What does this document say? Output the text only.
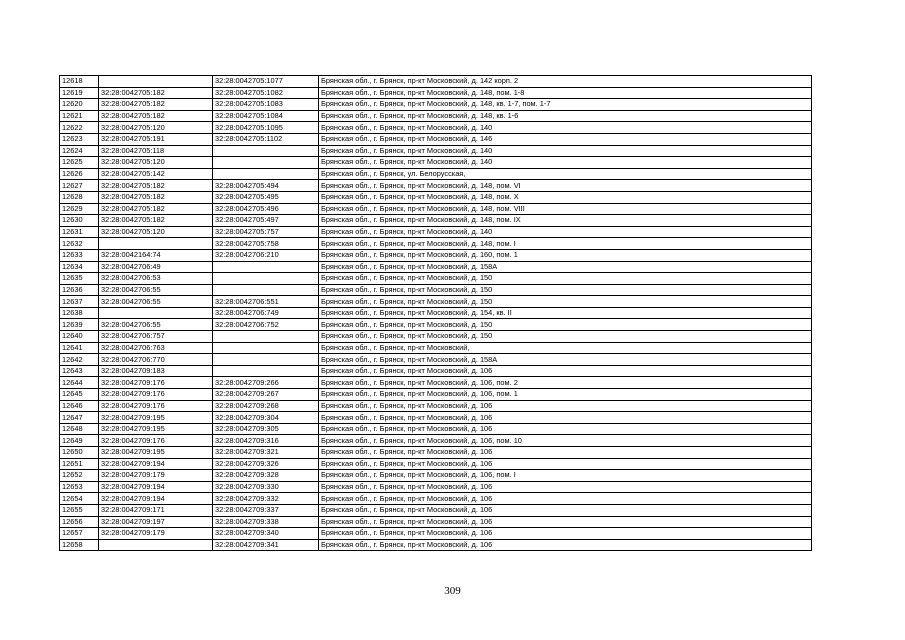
12618		32:28:0042705:1077	Брянская обл., г. Брянск, пр-кт Московский, д. 142 корп. 2
12619	32:28:0042705:182	32:28:0042705:1082	Брянская обл., г. Брянск, пр-кт Московский, д. 148, пом. 1-8
12620	32:28:0042705:182	32:28:0042705:1083	Брянская обл., г. Брянск, пр-кт Московский, д. 148, кв. 1-7, пом. 1-7
12621	32:28:0042705:182	32:28:0042705:1084	Брянская обл., г. Брянск, пр-кт Московский, д. 148, кв. 1-6
12622	32:28:0042705:120	32:28:0042705:1095	Брянская обл., г. Брянск, пр-кт Московский, д. 140
12623	32:28:0042705:191	32:28:0042705:1102	Брянская обл., г. Брянск, пр-кт Московский, д. 146
12624	32:28:0042705:118		Брянская обл., г. Брянск, пр-кт Московский, д. 140
12625	32:28:0042705:120		Брянская обл., г. Брянск, пр-кт Московский, д. 140
12626	32:28:0042705:142		Брянская обл., г. Брянск, ул. Белорусская,
12627	32:28:0042705:182	32:28:0042705:494	Брянская обл., г. Брянск, пр-кт Московский, д. 148, пом. VI
12628	32:28:0042705:182	32:28:0042705:495	Брянская обл., г. Брянск, пр-кт Московский, д. 148, пом. X
12629	32:28:0042705:182	32:28:0042705:496	Брянская обл., г. Брянск, пр-кт Московский, д. 148, пом. VIII
12630	32:28:0042705:182	32:28:0042705:497	Брянская обл., г. Брянск, пр-кт Московский, д. 148, пом. IX
12631	32:28:0042705:120	32:28:0042705:757	Брянская обл., г. Брянск, пр-кт Московский, д. 140
12632		32:28:0042705:758	Брянская обл., г. Брянск, пр-кт Московский, д. 148, пом. I
12633	32:28:0042164:74	32:28:0042706:210	Брянская обл., г. Брянск, пр-кт Московский, д. 160, пом. 1
12634	32:28:0042706:49		Брянская обл., г. Брянск, пр-кт Московский, д. 158А
12635	32:28:0042706:53		Брянская обл., г. Брянск, пр-кт Московский, д. 150
12636	32:28:0042706:55		Брянская обл., г. Брянск, пр-кт Московский, д. 150
12637	32:28:0042706:55	32:28:0042706:551	Брянская обл., г. Брянск, пр-кт Московский, д. 150
12638		32:28:0042706:749	Брянская обл., г. Брянск, пр-кт Московский, д. 154, кв. II
12639	32:28:0042706:55	32:28:0042706:752	Брянская обл., г. Брянск, пр-кт Московский, д. 150
12640	32:28:0042706:757		Брянская обл., г. Брянск, пр-кт Московский, д. 150
12641	32:28:0042706:763		Брянская обл., г. Брянск, пр-кт Московский,
12642	32:28:0042706:770		Брянская обл., г. Брянск, пр-кт Московский, д. 158А
12643	32:28:0042709:183		Брянская обл., г. Брянск, пр-кт Московский, д. 106
12644	32:28:0042709:176	32:28:0042709:266	Брянская обл., г. Брянск, пр-кт Московский, д. 106, пом. 2
12645	32:28:0042709:176	32:28:0042709:267	Брянская обл., г. Брянск, пр-кт Московский, д. 106, пом. 1
12646	32:28:0042709:176	32:28:0042709:268	Брянская обл., г. Брянск, пр-кт Московский, д. 106
12647	32:28:0042709:195	32:28:0042709:304	Брянская обл., г. Брянск, пр-кт Московский, д. 106
12648	32:28:0042709:195	32:28:0042709:305	Брянская обл., г. Брянск, пр-кт Московский, д. 106
12649	32:28:0042709:176	32:28:0042709:316	Брянская обл., г. Брянск, пр-кт Московский, д. 106, пом. 10
12650	32:28:0042709:195	32:28:0042709:321	Брянская обл., г. Брянск, пр-кт Московский, д. 106
12651	32:28:0042709:194	32:28:0042709:326	Брянская обл., г. Брянск, пр-кт Московский, д. 106
12652	32:28:0042709:179	32:28:0042709:328	Брянская обл., г. Брянск, пр-кт Московский, д. 106, пом. I
12653	32:28:0042709:194	32:28:0042709:330	Брянская обл., г. Брянск, пр-кт Московский, д. 106
12654	32:28:0042709:194	32:28:0042709:332	Брянская обл., г. Брянск, пр-кт Московский, д. 106
12655	32:28:0042709:171	32:28:0042709:337	Брянская обл., г. Брянск, пр-кт Московский, д. 106
12656	32:28:0042709:197	32:28:0042709:338	Брянская обл., г. Брянск, пр-кт Московский, д. 106
12657	32:28:0042709:179	32:28:0042709:340	Брянская обл., г. Брянск, пр-кт Московский, д. 106
12658		32:28:0042709:341	Брянская обл., г. Брянск, пр-кт Московский, д. 106
309
